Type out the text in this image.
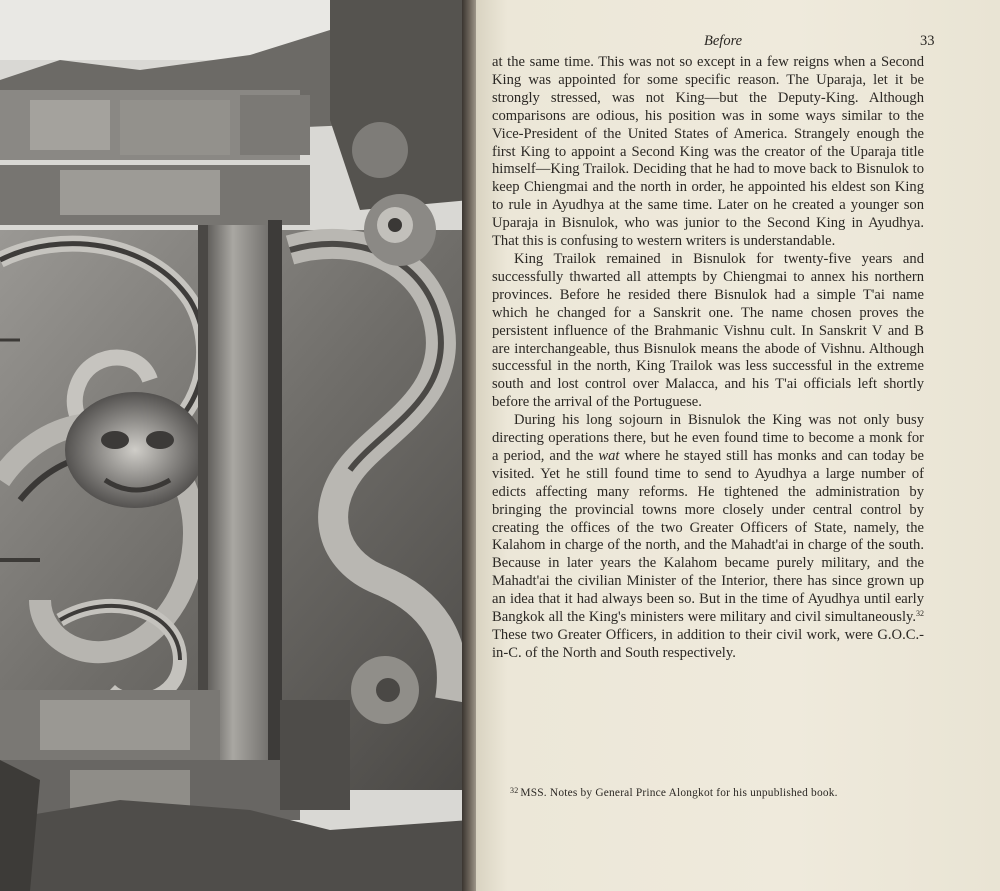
Before	33

at the same time. This was not so except in a few reigns when a Second King was appointed for some specific reason. The Uparaja, let it be strongly stressed, was not King—but the Deputy-King. Although comparisons are odious, his position was in some ways similar to the Vice-President of the United States of America. Strangely enough the first King to appoint a Second King was the creator of the Uparaja title himself—King Trailok. Deciding that he had to move back to Bisnulok to keep Chiengmai and the north in order, he appointed his eldest son King to rule in Ayudhya at the same time. Later on he created a younger son Uparaja in Bisnulok, who was junior to the Second King in Ayudhya. That this is confusing to western writers is understandable.

King Trailok remained in Bisnulok for twenty-five years and successfully thwarted all attempts by Chiengmai to annex his northern provinces. Before he resided there Bisnulok had a simple T'ai name which he changed for a Sanskrit one. The name chosen proves the persistent influence of the Brahmanic Vishnu cult. In Sanskrit V and B are interchangeable, thus Bisnulok means the abode of Vishnu. Although successful in the north, King Trailok was less successful in the extreme south and lost control over Malacca, and his T'ai officials left shortly before the arrival of the Portuguese.

During his long sojourn in Bisnulok the King was not only busy directing operations there, but he even found time to become a monk for a period, and the wat where he stayed still has monks and can today be visited. Yet he still found time to send to Ayudhya a large number of edicts affecting many reforms. He tightened the administration by bringing the provincial towns more closely under central control by creating the offices of the two Greater Officers of State, namely, the Kalahom in charge of the north, and the Mahadt'ai in charge of the south. Because in later years the Kalahom became purely military, and the Mahadt'ai the civilian Minister of the Interior, there has since grown up an idea that it had always been so. But in the time of Ayudhya until early Bangkok all the King's ministers were military and civil simultaneously.$^{32}$ These two Greater Officers, in addition to their civil work, were G.O.C.-in-C. of the North and South respectively.

$^{32}$ MSS. Notes by General Prince Alongkot for his unpublished book.
